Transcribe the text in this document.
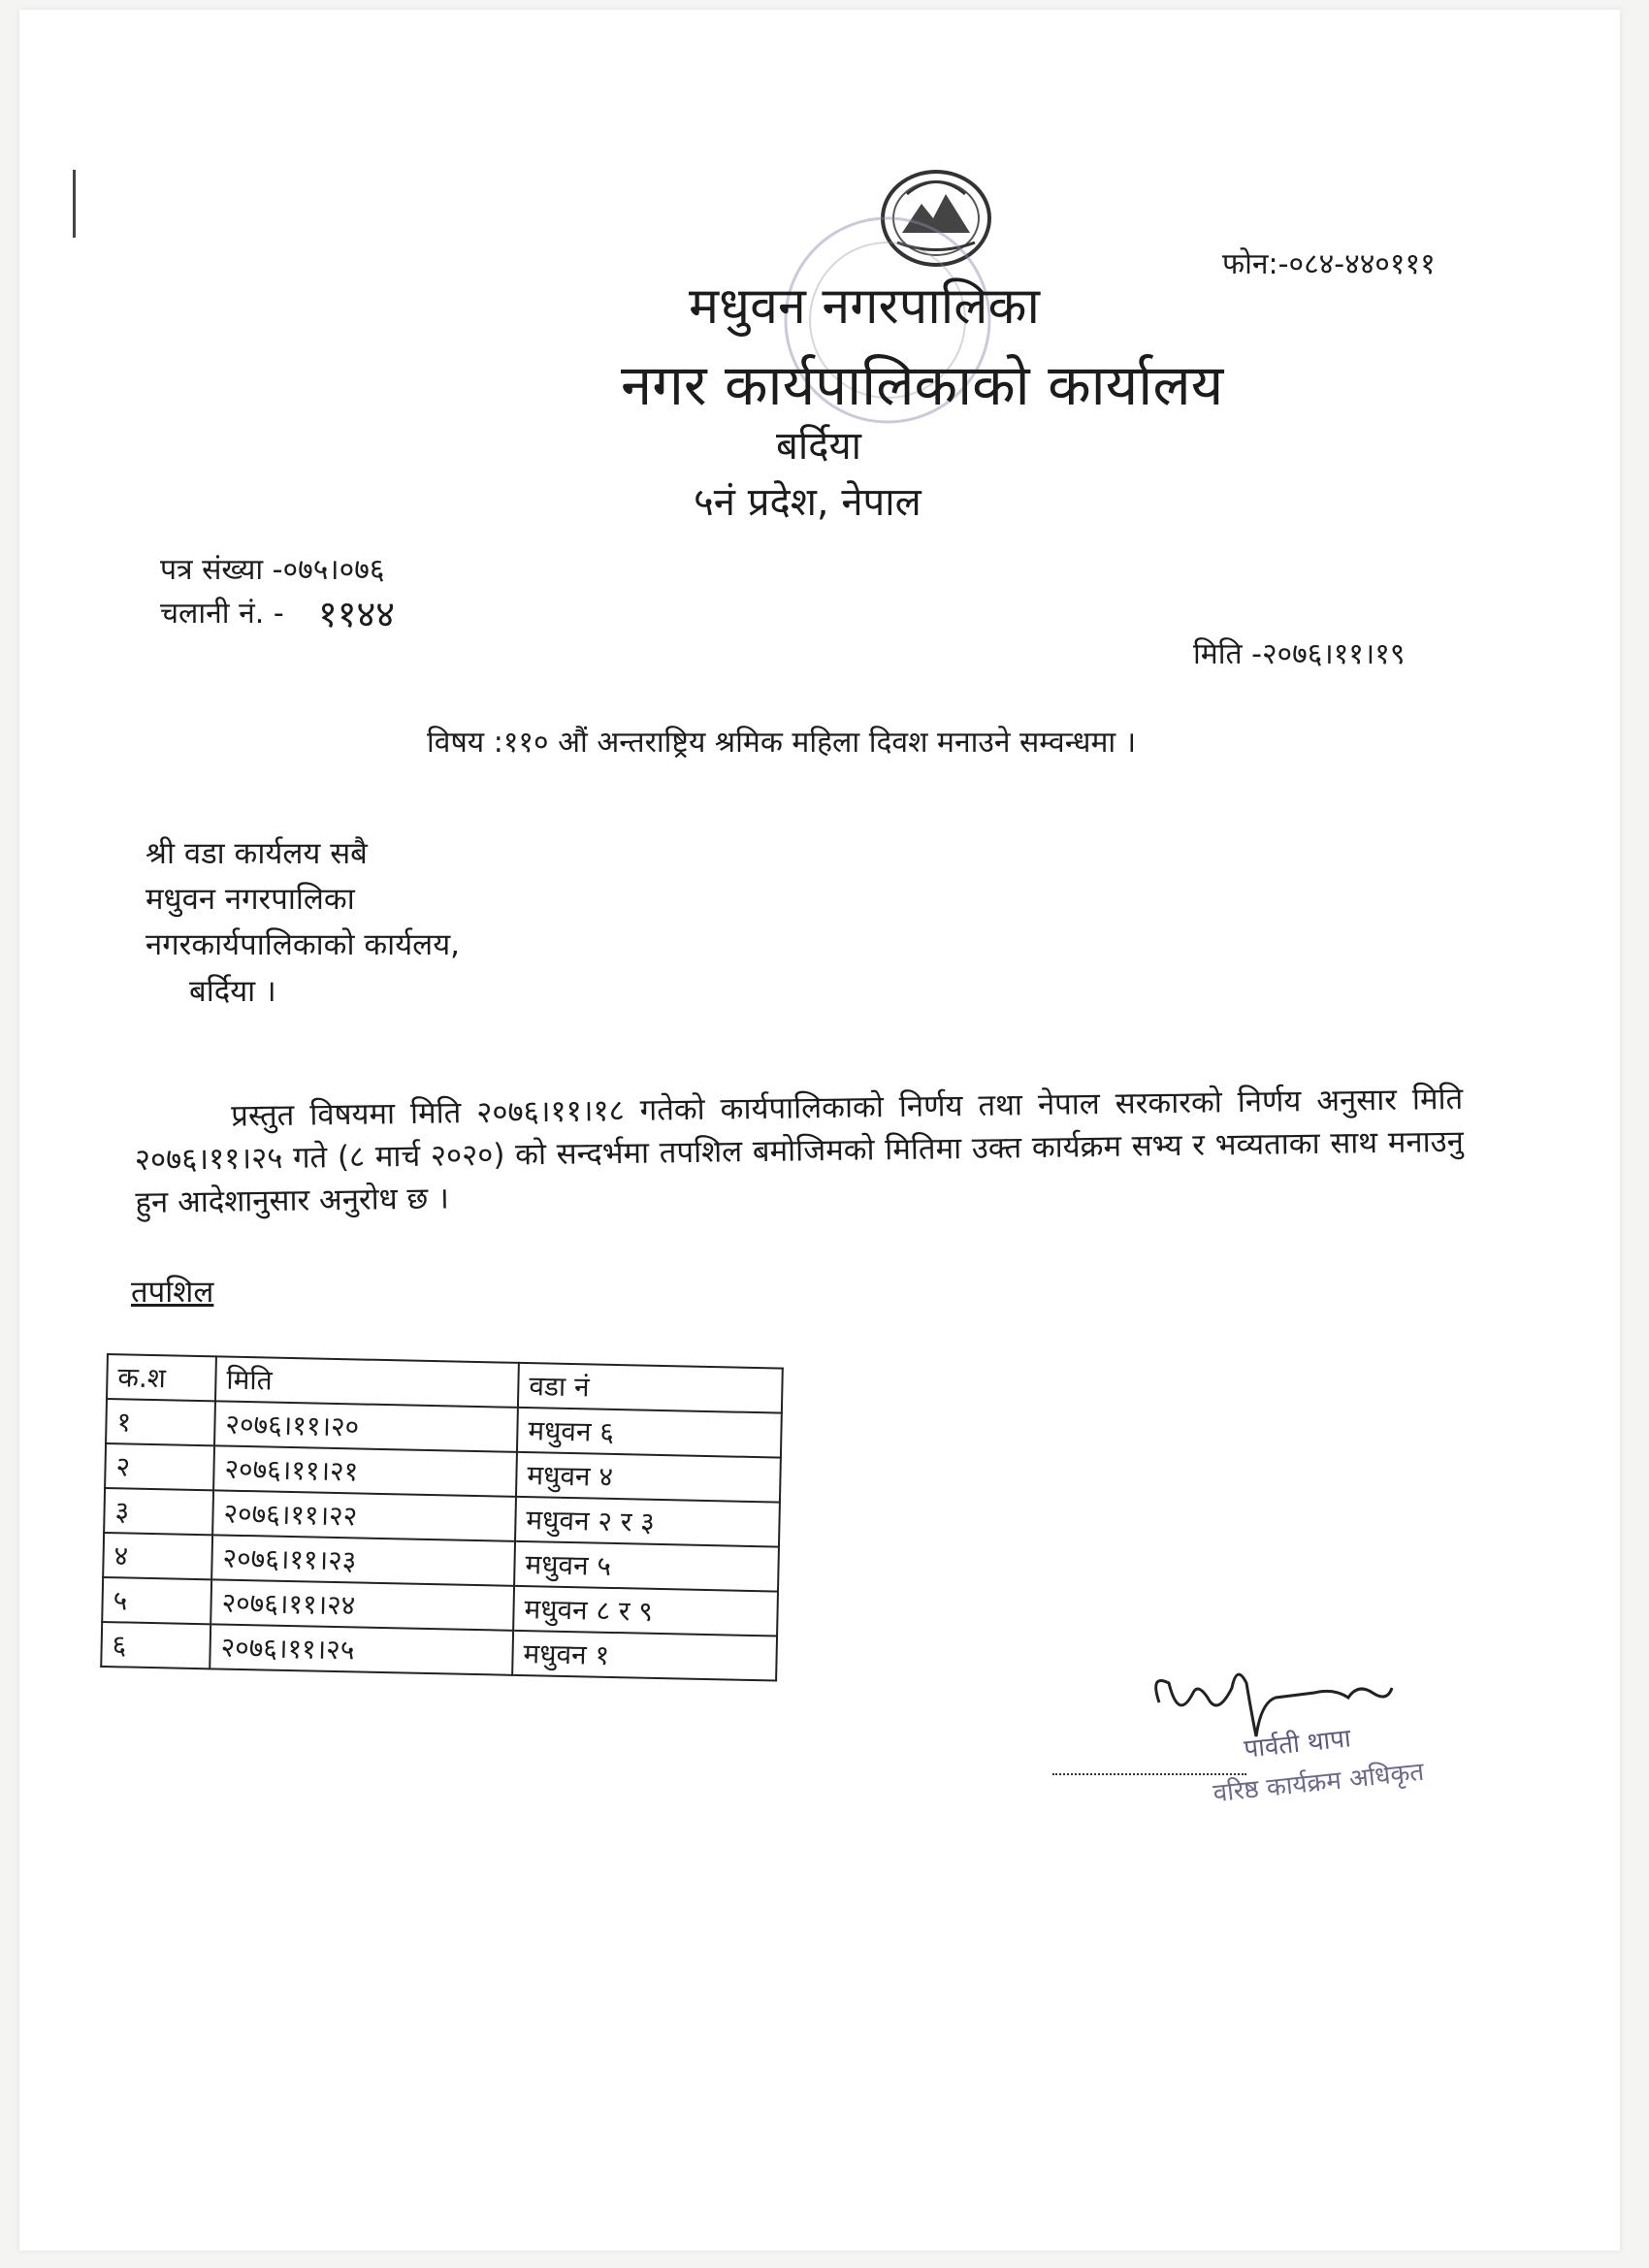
फोन:-०८४-४४०१११
मधुवन नगरपालिका
नगर कार्यपालिकाको कार्यालय
बर्दिया
५नं प्रदेश, नेपाल
पत्र संख्या -०७५।०७६
चलानी नं. - ११४४
मिति -२०७६।११।१९
विषय :११० औं अन्तराष्ट्रिय श्रमिक महिला दिवश मनाउने सम्वन्धमा ।
श्री वडा कार्यलय सबै
मधुवन नगरपालिका
नगरकार्यपालिकाको कार्यलय,
बर्दिया ।
प्रस्तुत विषयमा मिति २०७६।११।१८ गतेको कार्यपालिकाको निर्णय तथा नेपाल सरकारको निर्णय अनुसार मिति २०७६।११।२५ गते (८ मार्च २०२०) को सन्दर्भमा तपशिल बमोजिमको मितिमा उक्त कार्यक्रम सभ्य र भव्यताका साथ मनाउनु हुन आदेशानुसार अनुरोध छ ।
तपशिल
क.श	मिति	वडा नं
१	२०७६।११।२०	मधुवन ६
२	२०७६।११।२१	मधुवन ४
३	२०७६।११।२२	मधुवन २ र ३
४	२०७६।११।२३	मधुवन ५
५	२०७६।११।२४	मधुवन ८ र ९
६	२०७६।११।२५	मधुवन १
पार्वती थापा
वरिष्ठ कार्यक्रम अधिकृत
